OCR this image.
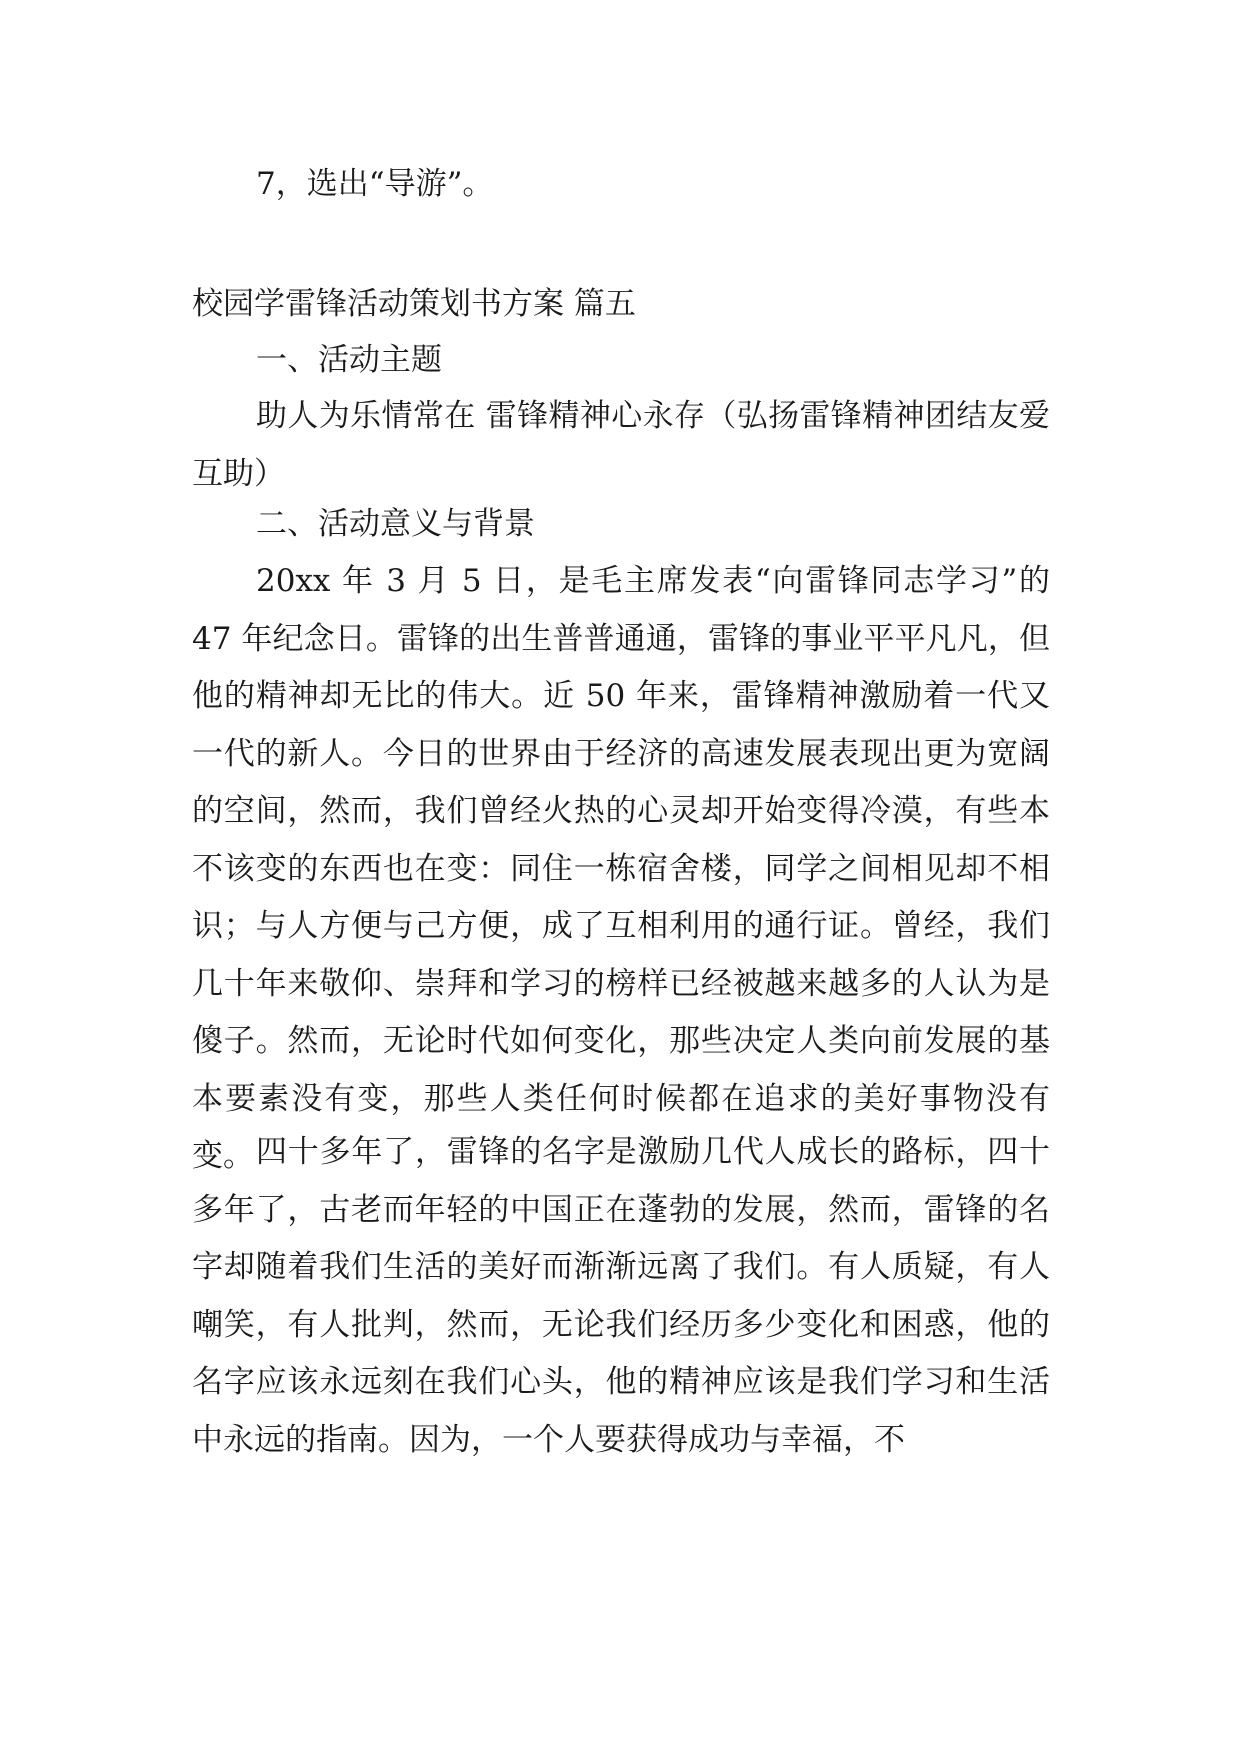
7，选出“导游”。

校园学雷锋活动策划书方案 篇五

一、活动主题

助人为乐情常在 雷锋精神心永存（弘扬雷锋精神团结友爱互助）

二、活动意义与背景

20xx 年 3 月 5 日，是毛主席发表“向雷锋同志学习”的 47 年纪念日。雷锋的出生普普通通，雷锋的事业平平凡凡，但他的精神却无比的伟大。近 50 年来，雷锋精神激励着一代又一代的新人。今日的世界由于经济的高速发展表现出更为宽阔的空间，然而，我们曾经火热的心灵却开始变得冷漠，有些本不该变的东西也在变：同住一栋宿舍楼，同学之间相见却不相识；与人方便与己方便，成了互相利用的通行证。曾经，我们几十年来敬仰、崇拜和学习的榜样已经被越来越多的人认为是傻子。然而，无论时代如何变化，那些决定人类向前发展的基本要素没有变，那些人类任何时候都在追求的美好事物没有变。 四十多年了，雷锋的名字是激励几代人成长的路标，四十多年了，古老而年轻的中国正在蓬勃的发展，然而，雷锋的名字却随着我们生活的美好而渐渐远离了我们。有人质疑，有人嘲笑，有人批判，然而，无论我们经历多少变化和困惑，他的名字应该永远刻在我们心头，他的精神应该是我们学习和生活中永远的指南。因为，一个人要获得成功与幸福，不
